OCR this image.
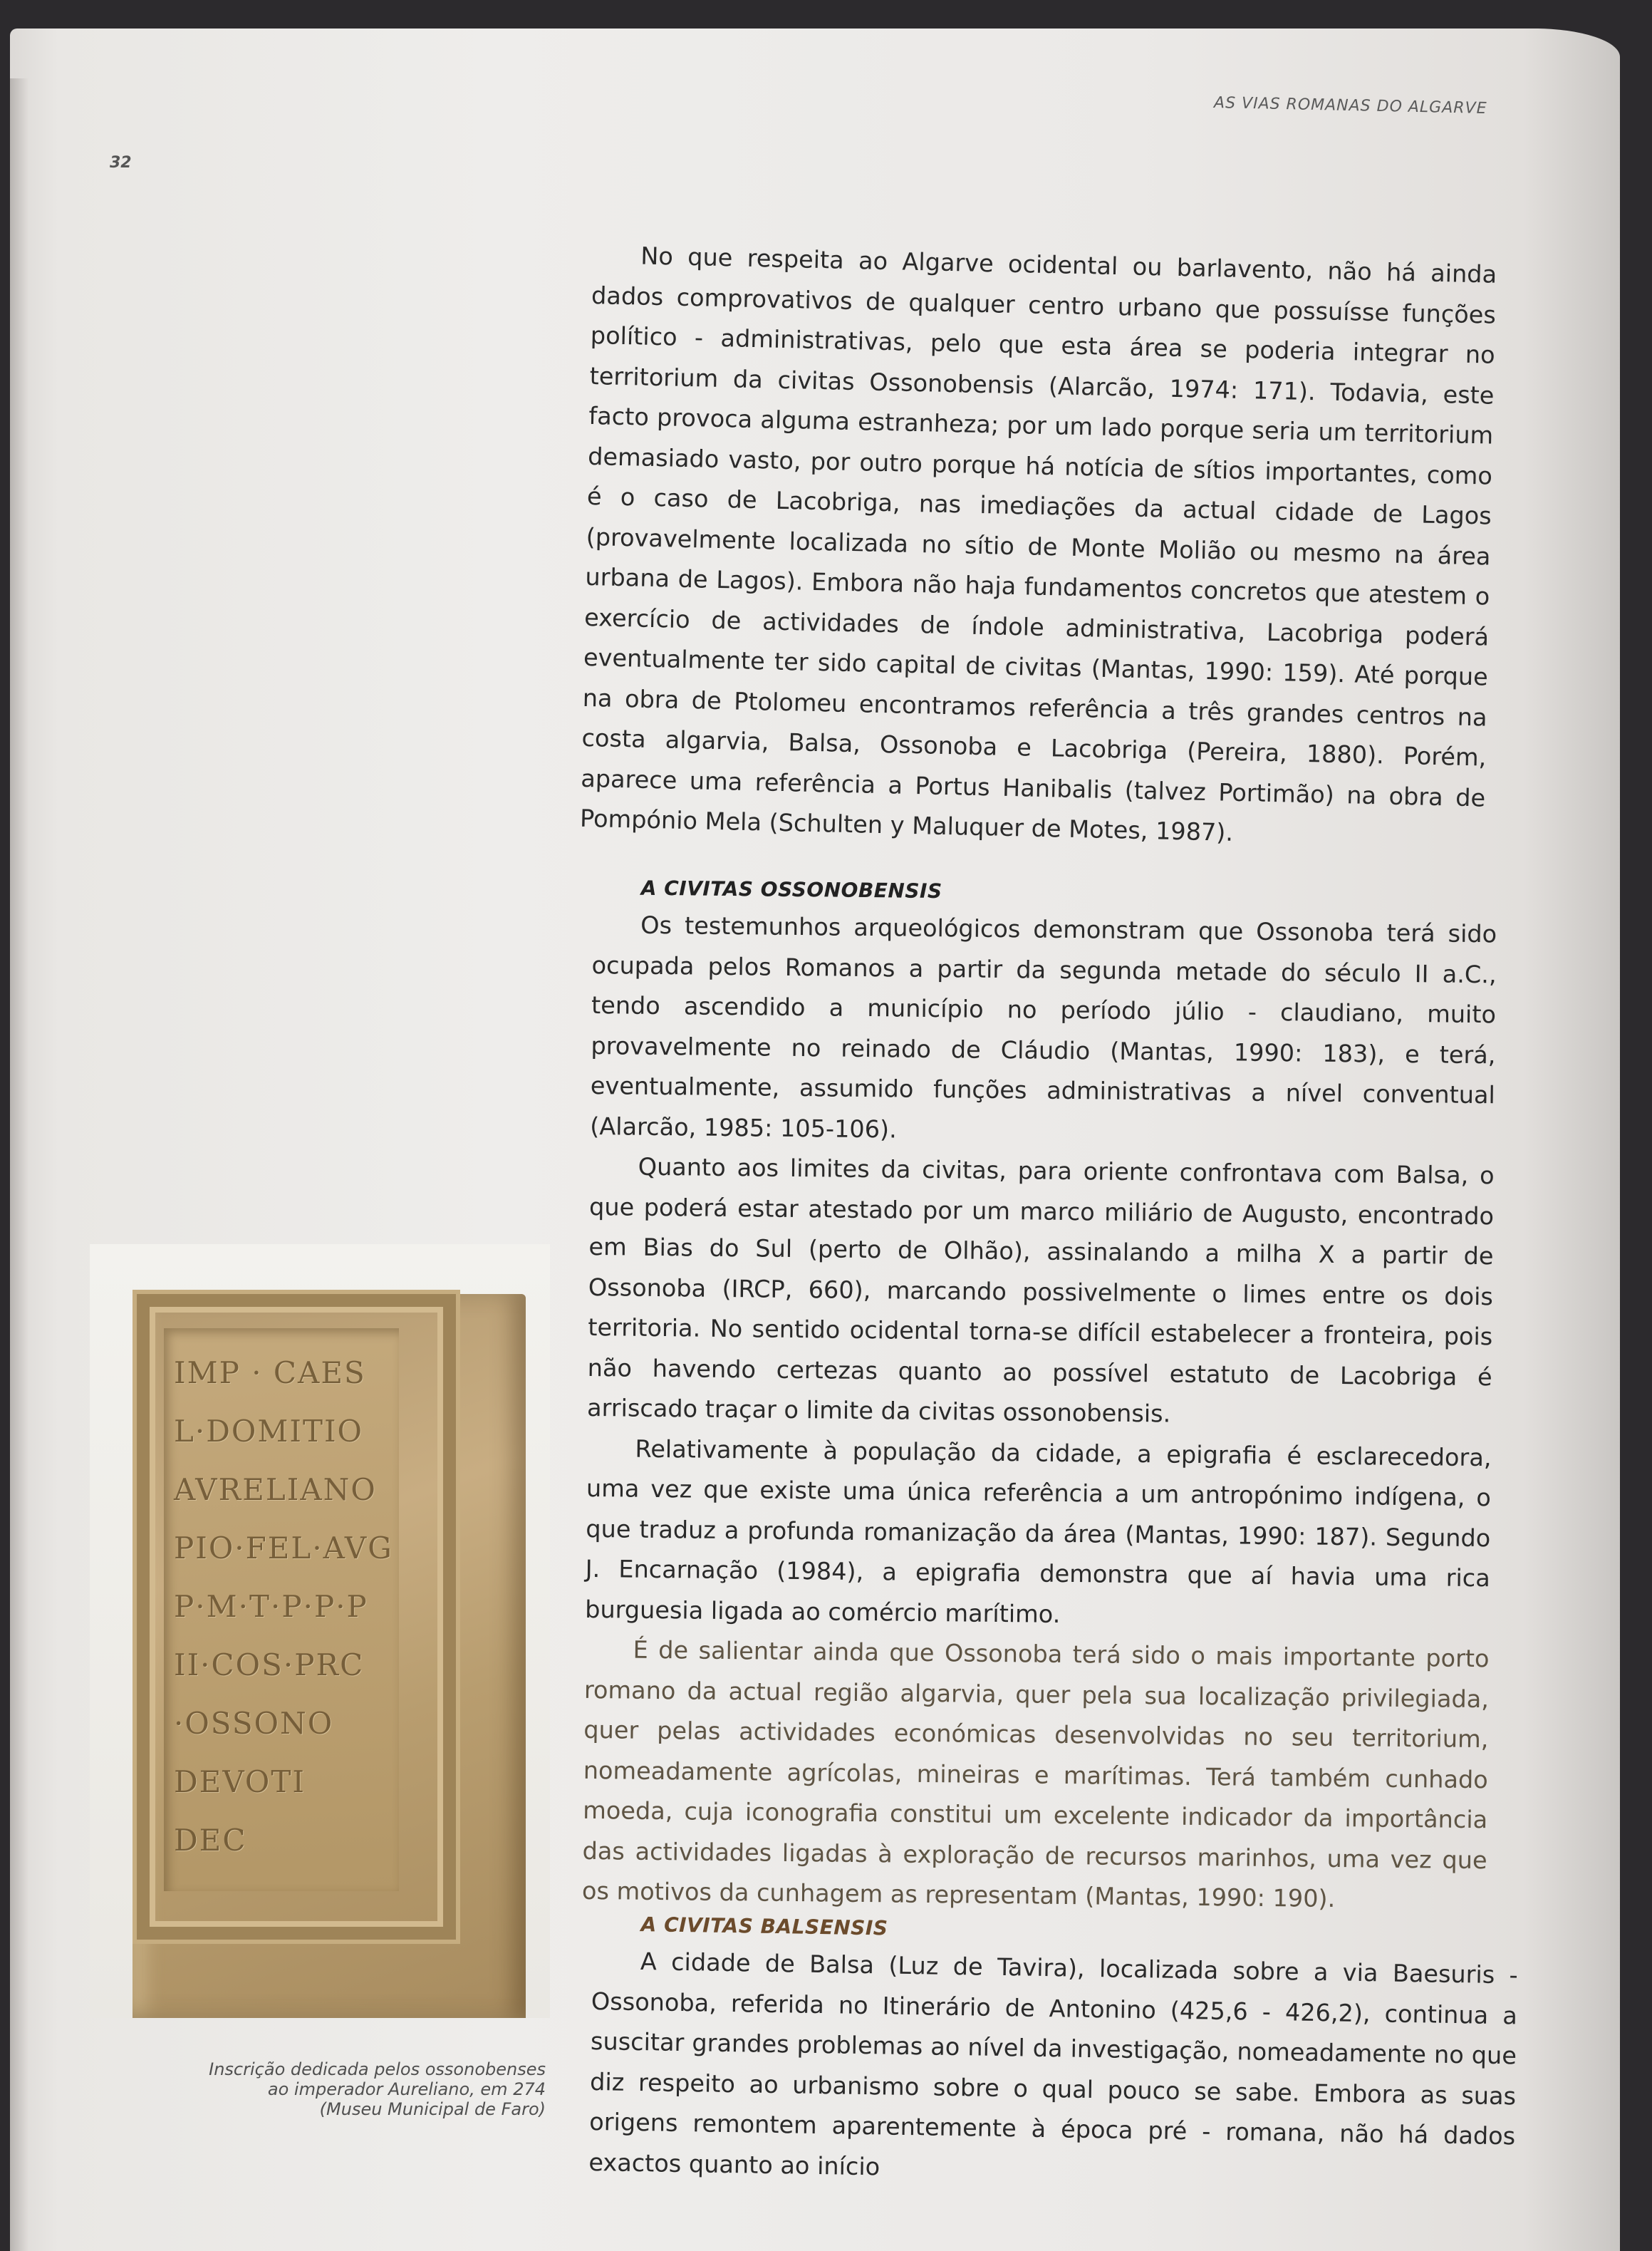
AS VIAS ROMANAS DO ALGARVE
32

No que respeita ao Algarve ocidental ou barlavento, não há ainda dados comprovativos de qualquer centro urbano que possuísse funções político - administrativas, pelo que esta área se poderia integrar no territorium da civitas Ossonobensis (Alarcão, 1974: 171). Todavia, este facto provoca alguma estranheza; por um lado porque seria um territorium demasiado vasto, por outro porque há notícia de sítios importantes, como é o caso de Lacobriga, nas imediações da actual cidade de Lagos (provavelmente localizada no sítio de Monte Molião ou mesmo na área urbana de Lagos). Embora não haja fundamentos concretos que atestem o exercício de actividades de índole administrativa, Lacobriga poderá eventualmente ter sido capital de civitas (Mantas, 1990: 159). Até porque na obra de Ptolomeu encontramos referência a três grandes centros na costa algarvia, Balsa, Ossonoba e Lacobriga (Pereira, 1880). Porém, aparece uma referência a Portus Hanibalis (talvez Portimão) na obra de Pompónio Mela (Schulten y Maluquer de Motes, 1987).

A CIVITAS OSSONOBENSIS

Os testemunhos arqueológicos demonstram que Ossonoba terá sido ocupada pelos Romanos a partir da segunda metade do século II a.C., tendo ascendido a município no período júlio - claudiano, muito provavelmente no reinado de Cláudio (Mantas, 1990: 183), e terá, eventualmente, assumido funções administrativas a nível conventual (Alarcão, 1985: 105-106).

Quanto aos limites da civitas, para oriente confrontava com Balsa, o que poderá estar atestado por um marco miliário de Augusto, encontrado em Bias do Sul (perto de Olhão), assinalando a milha X a partir de Ossonoba (IRCP, 660), marcando possivelmente o limes entre os dois territoria. No sentido ocidental torna-se difícil estabelecer a fronteira, pois não havendo certezas quanto ao possível estatuto de Lacobriga é arriscado traçar o limite da civitas ossonobensis.

Relativamente à população da cidade, a epigrafia é esclarecedora, uma vez que existe uma única referência a um antropónimo indígena, o que traduz a profunda romanização da área (Mantas, 1990: 187). Segundo J. Encarnação (1984), a epigrafia demonstra que aí havia uma rica burguesia ligada ao comércio marítimo.

É de salientar ainda que Ossonoba terá sido o mais importante porto romano da actual região algarvia, quer pela sua localização privilegiada, quer pelas actividades económicas desenvolvidas no seu territorium, nomeadamente agrícolas, mineiras e marítimas. Terá também cunhado moeda, cuja iconografia constitui um excelente indicador da importância das actividades ligadas à exploração de recursos marinhos, uma vez que os motivos da cunhagem as representam (Mantas, 1990: 190).

A CIVITAS BALSENSIS

A cidade de Balsa (Luz de Tavira), localizada sobre a via Baesuris - Ossonoba, referida no Itinerário de Antonino (425,6 - 426,2), continua a suscitar grandes problemas ao nível da investigação, nomeadamente no que diz respeito ao urbanismo sobre o qual pouco se sabe. Embora as suas origens remontem aparentemente à época pré - romana, não há dados exactos quanto ao início

IMP · CAES
L·DOMITIO
AVRELIANO
PIO·FEL·AVG
P·M·T·P·P·P
II·COS·PRC
·OSSONO
DEVOTI
DEC
Inscrição dedicada pelos ossonobenses
ao imperador Aureliano, em 274
(Museu Municipal de Faro)
